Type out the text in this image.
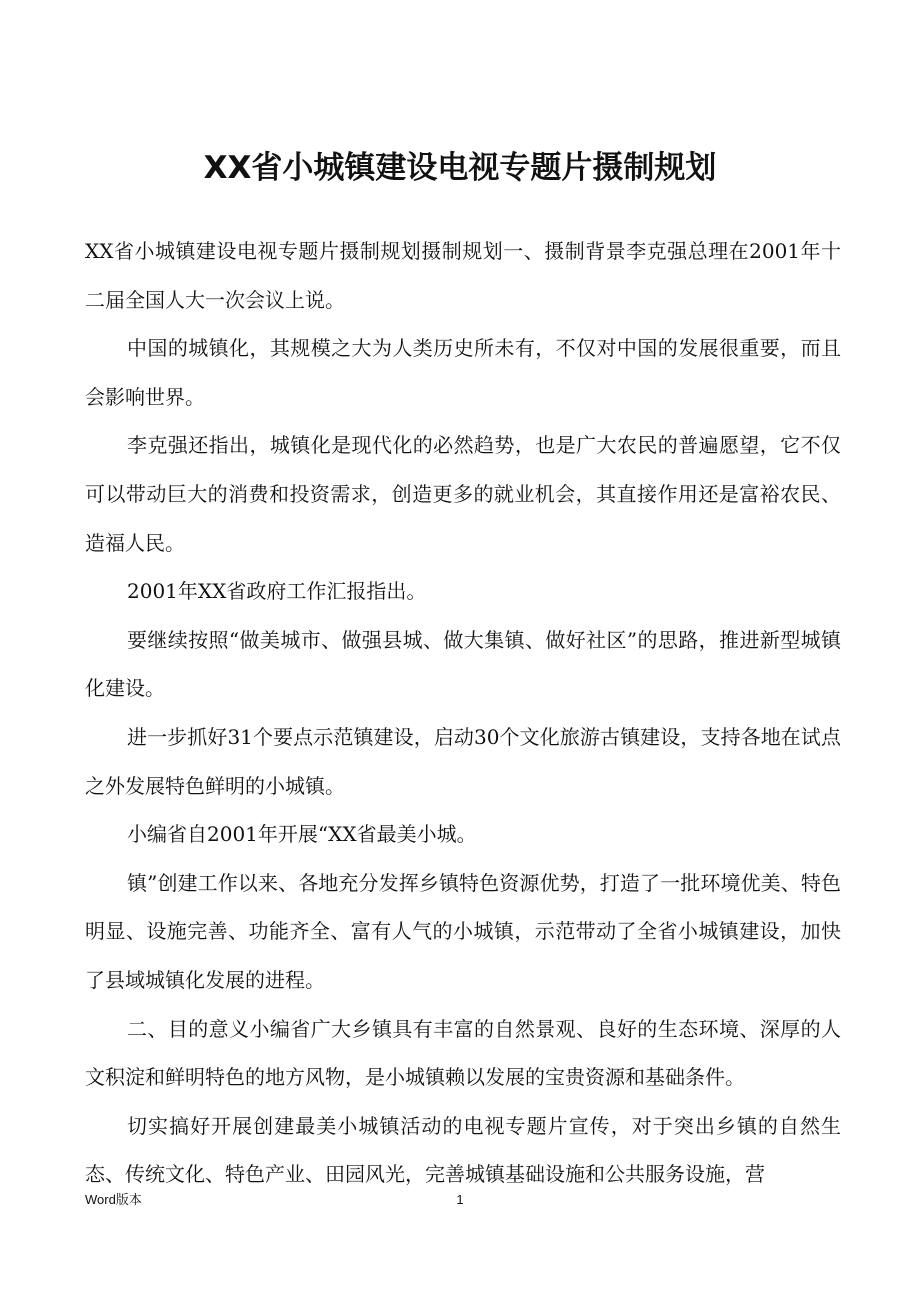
XX省小城镇建设电视专题片摄制规划

XX省小城镇建设电视专题片摄制规划摄制规划一、摄制背景李克强总理在2001年十二届全国人大一次会议上说。

中国的城镇化，其规模之大为人类历史所未有，不仅对中国的发展很重要，而且会影响世界。

李克强还指出，城镇化是现代化的必然趋势，也是广大农民的普遍愿望，它不仅可以带动巨大的消费和投资需求，创造更多的就业机会，其直接作用还是富裕农民、造福人民。

2001年XX省政府工作汇报指出。

要继续按照“做美城市、做强县城、做大集镇、做好社区”的思路，推进新型城镇化建设。

进一步抓好31个要点示范镇建设，启动30个文化旅游古镇建设，支持各地在试点之外发展特色鲜明的小城镇。

小编省自2001年开展“XX省最美小城。

镇”创建工作以来、各地充分发挥乡镇特色资源优势，打造了一批环境优美、特色明显、设施完善、功能齐全、富有人气的小城镇，示范带动了全省小城镇建设，加快了县域城镇化发展的进程。

二、目的意义小编省广大乡镇具有丰富的自然景观、良好的生态环境、深厚的人文积淀和鲜明特色的地方风物，是小城镇赖以发展的宝贵资源和基础条件。

切实搞好开展创建最美小城镇活动的电视专题片宣传，对于突出乡镇的自然生态、传统文化、特色产业、田园风光，完善城镇基础设施和公共服务设施，营

Word版本	1
